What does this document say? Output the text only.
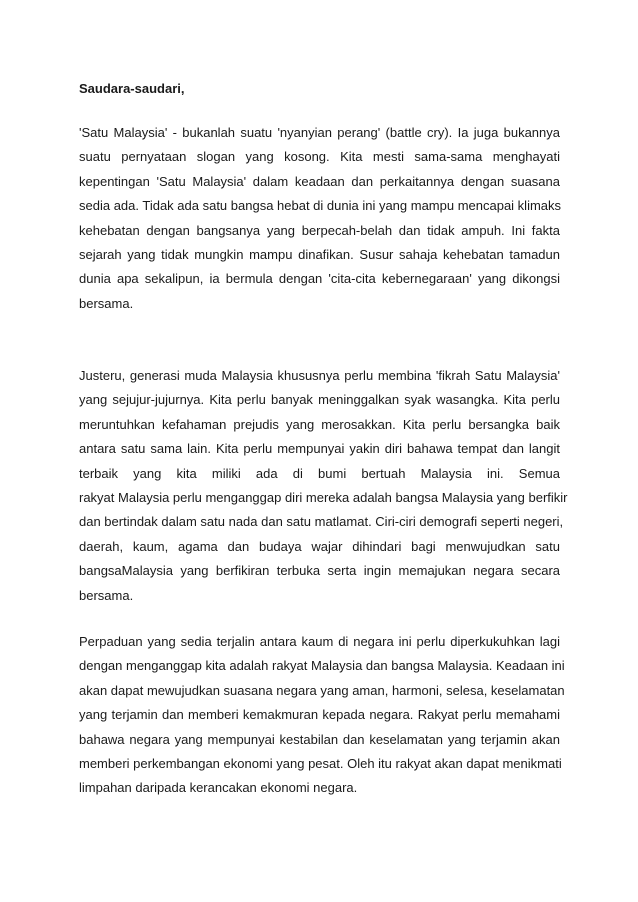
Saudara-saudari,
'Satu Malaysia' - bukanlah suatu 'nyanyian perang' (battle cry). Ia juga bukannya
suatu pernyataan slogan yang kosong. Kita mesti sama-sama menghayati
kepentingan 'Satu Malaysia' dalam keadaan dan perkaitannya dengan suasana
sedia ada. Tidak ada satu bangsa hebat di dunia ini yang mampu mencapai klimaks
kehebatan dengan bangsanya yang berpecah-belah dan tidak ampuh. Ini fakta
sejarah yang tidak mungkin mampu dinafikan. Susur sahaja kehebatan tamadun
dunia apa sekalipun, ia bermula dengan 'cita-cita kebernegaraan' yang dikongsi
bersama.
Justeru, generasi muda Malaysia khususnya perlu membina 'fikrah Satu Malaysia'
yang sejujur-jujurnya. Kita perlu banyak meninggalkan syak wasangka. Kita perlu
meruntuhkan kefahaman prejudis yang merosakkan. Kita perlu bersangka baik
antara satu sama lain. Kita perlu mempunyai yakin diri bahawa tempat dan langit
terbaik yang kita miliki ada di bumi bertuah Malaysia ini. Semua
rakyat Malaysia perlu menganggap diri mereka adalah bangsa Malaysia yang berfikir
dan bertindak dalam satu nada dan satu matlamat. Ciri-ciri demografi seperti negeri,
daerah, kaum, agama dan budaya wajar dihindari bagi menwujudkan satu
bangsaMalaysia yang berfikiran terbuka serta ingin memajukan negara secara
bersama.
Perpaduan yang sedia terjalin antara kaum di negara ini perlu diperkukuhkan lagi
dengan menganggap kita adalah rakyat Malaysia dan bangsa Malaysia. Keadaan ini
akan dapat mewujudkan suasana negara yang aman, harmoni, selesa, keselamatan
yang terjamin dan memberi kemakmuran kepada negara. Rakyat perlu memahami
bahawa negara yang mempunyai kestabilan dan keselamatan yang terjamin akan
memberi perkembangan ekonomi yang pesat. Oleh itu rakyat akan dapat menikmati
limpahan daripada kerancakan ekonomi negara.
